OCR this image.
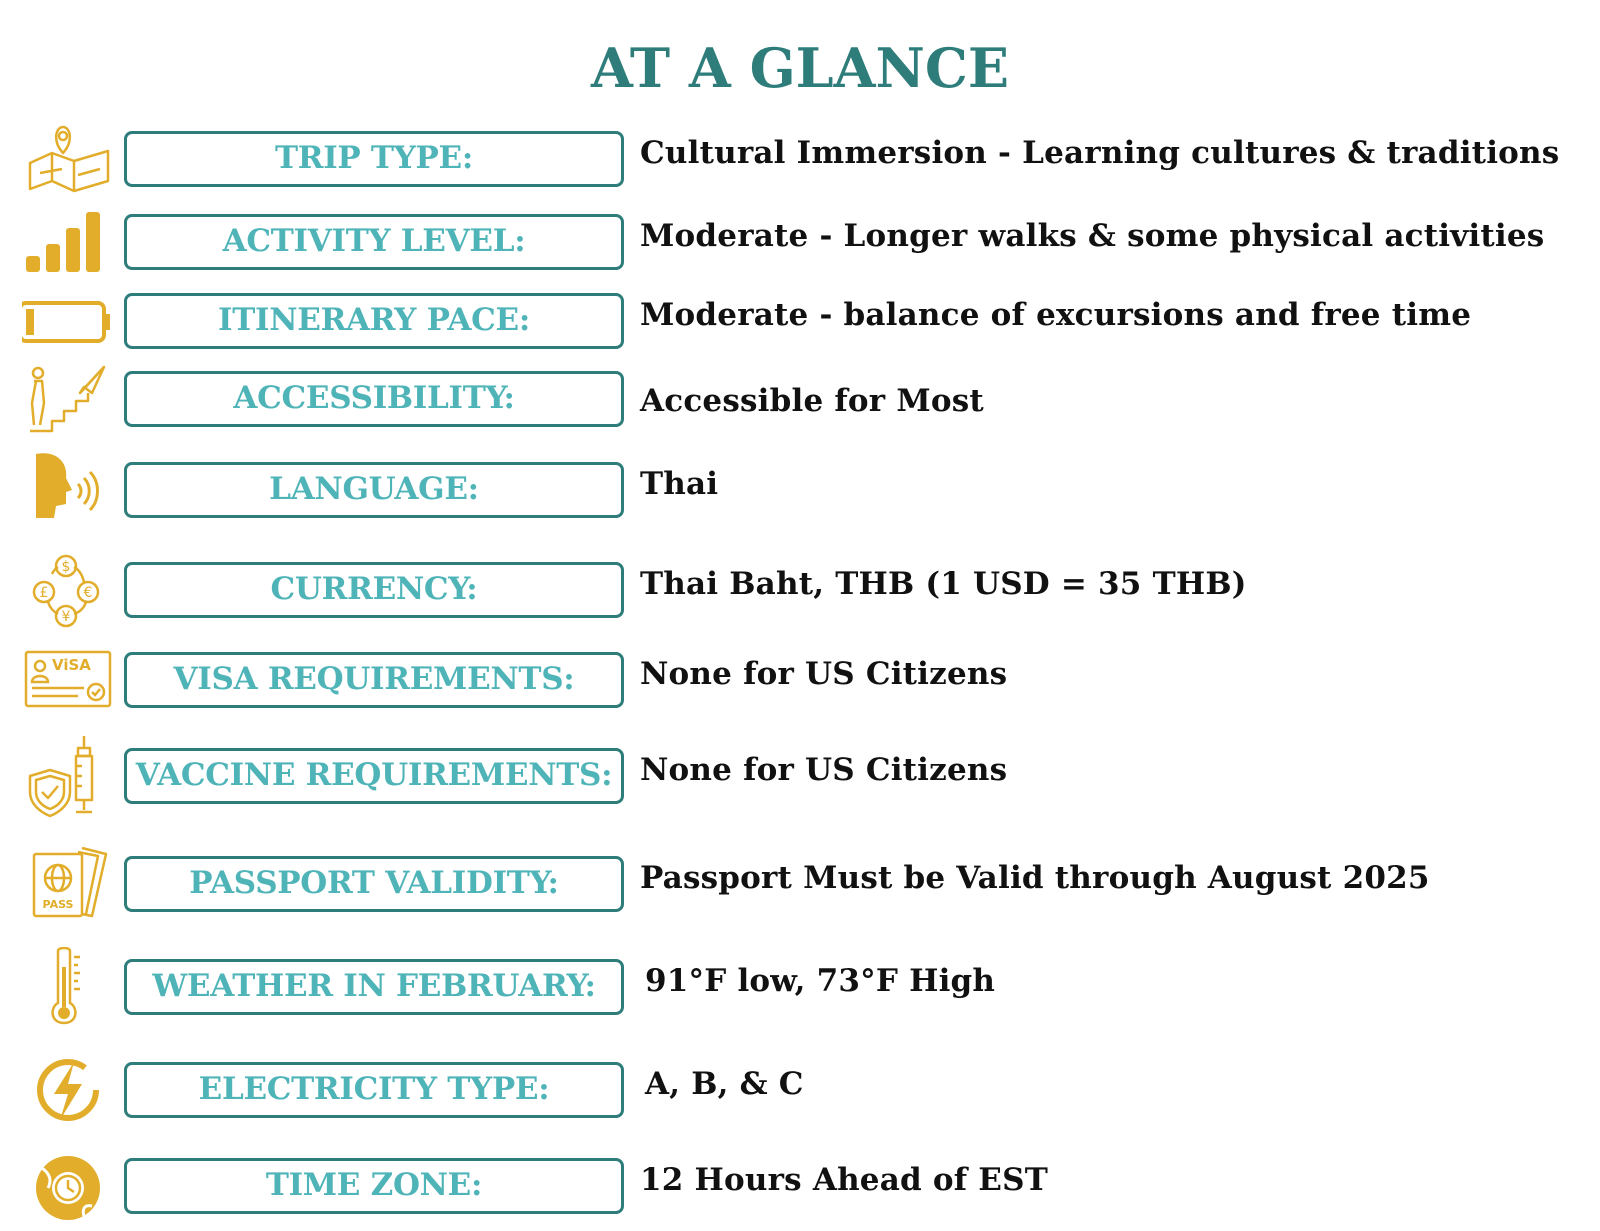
AT A GLANCE
TRIP TYPE:	Cultural Immersion - Learning cultures & traditions
ACTIVITY LEVEL:	Moderate - Longer walks & some physical activities
ITINERARY PACE:	Moderate - balance of excursions and free time
ACCESSIBILITY:	Accessible for Most
LANGUAGE:	Thai
$
£	€
¥
CURRENCY:	Thai Baht, THB (1 USD = 35 THB)
ViSA	VISA REQUIREMENTS: None for US Citizens
VACCINE REQUIREMENTS: None for US Citizens
PASS
PASSPORT VALIDITY:	Passport Must be Valid through August 2025
WEATHER IN FEBRUARY: 91°F low, 73°F High
ELECTRICITY TYPE:	A, B, & C
TIME ZONE:	12 Hours Ahead of EST
